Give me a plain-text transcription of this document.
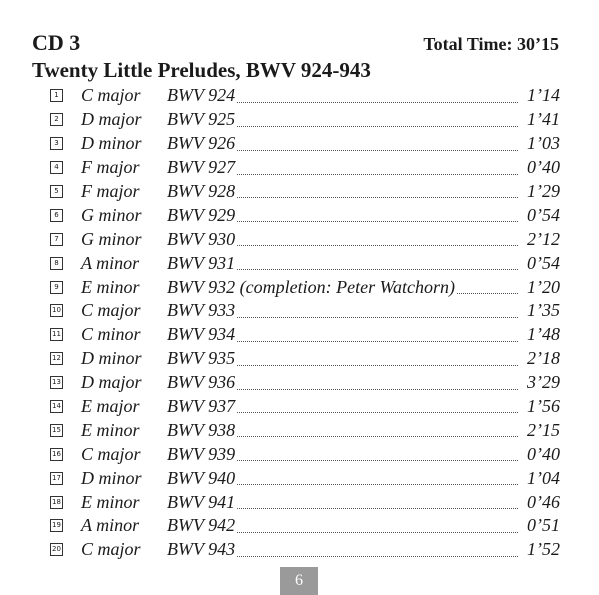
CD 3	Total Time: 30’15
Twenty Little Preludes, BWV 924-943
1 C major	BWV 924	1’14
2 D major	BWV 925	1’41
3 D minor	BWV 926	1’03
4 F major	BWV 927	0’40
5 F major	BWV 928	1’29
6 G minor	BWV 929	0’54
7 G minor	BWV 930	2’12
8 A minor	BWV 931	0’54
9 E minor	BWV 932 (completion: Peter Watchorn)	1’20
10 C major	BWV 933	1’35
11 C minor	BWV 934	1’48
12 D minor	BWV 935	2’18
13 D major	BWV 936	3’29
14 E major	BWV 937	1’56
15 E minor	BWV 938	2’15
16 C major	BWV 939	0’40
17 D minor	BWV 940	1’04
18 E minor	BWV 941	0’46
19 A minor	BWV 942	0’51
20 C major	BWV 943	1’52
6
